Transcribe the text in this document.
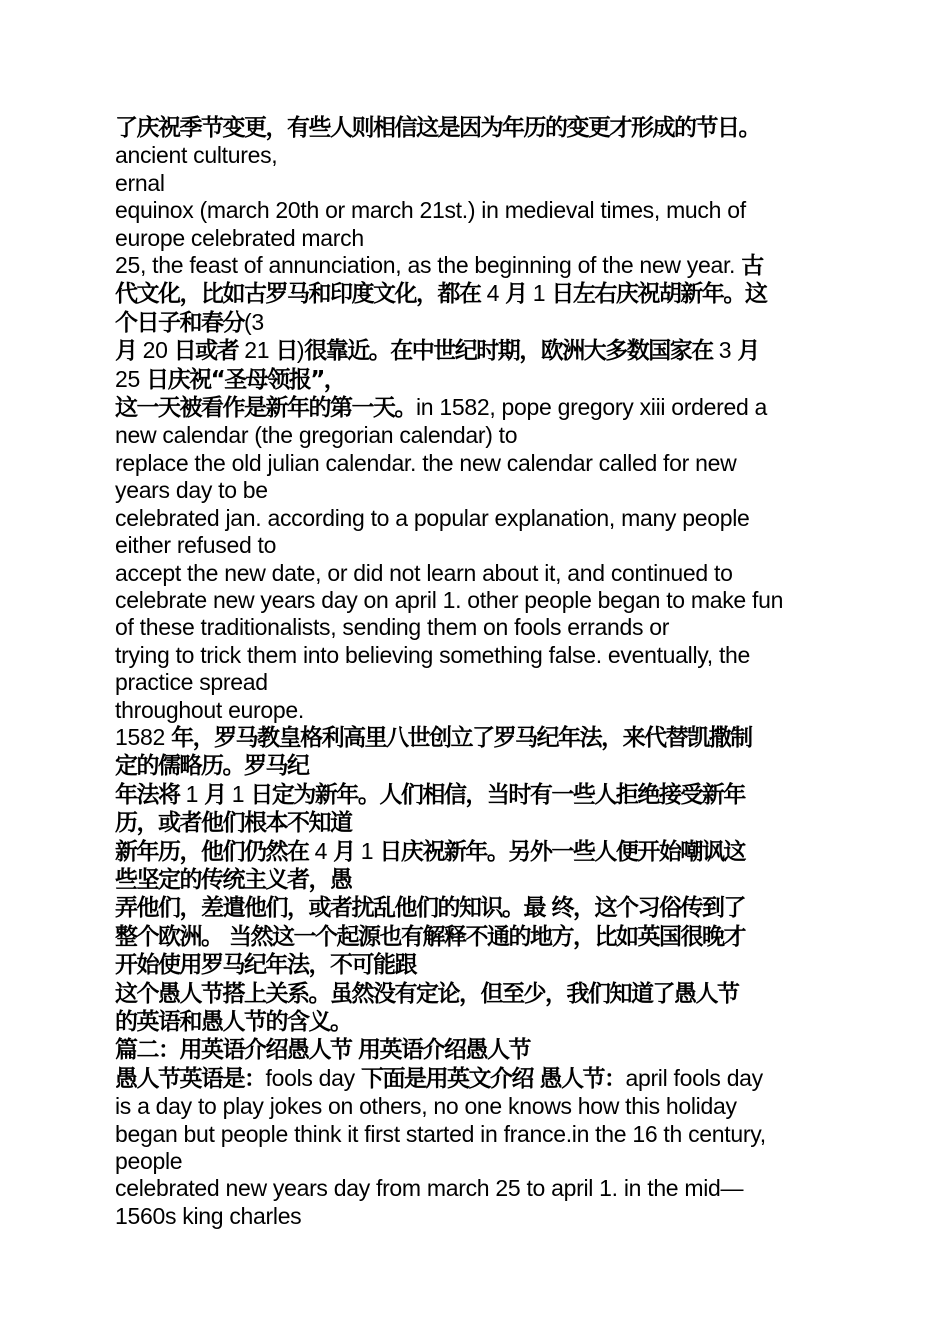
了庆祝季节变更，有些人则相信这是因为年历的变更才形成的节日。
ancient cultures,
ernal
equinox (march 20th or march 21st.) in medieval times, much of
europe celebrated march
25, the feast of annunciation, as the beginning of the new year. 古
代文化，比如古罗马和印度文化，都在 4 月 1 日左右庆祝胡新年。这
个日子和春分(3
月 20 日或者 21 日)很靠近。在中世纪时期，欧洲大多数国家在 3 月
25 日庆祝“圣母领报”，
这一天被看作是新年的第一天。in 1582, pope gregory xiii ordered a
new calendar (the gregorian calendar) to
replace the old julian calendar. the new calendar called for new
years day to be
celebrated jan. according to a popular explanation, many people
either refused to
accept the new date, or did not learn about it, and continued to
celebrate new years day on april 1. other people began to make fun
of these traditionalists, sending them on fools errands or
trying to trick them into believing something false. eventually, the
practice spread
throughout europe.
1582 年，罗马教皇格利高里八世创立了罗马纪年法，来代替凯撒制
定的儒略历。罗马纪
年法将 1 月 1 日定为新年。人们相信，当时有一些人拒绝接受新年
历，或者他们根本不知道
新年历，他们仍然在 4 月 1 日庆祝新年。另外一些人便开始嘲讽这
些坚定的传统主义者，愚
弄他们，差遣他们，或者扰乱他们的知识。最 终，这个习俗传到了
整个欧洲。 当然这一个起源也有解释不通的地方，比如英国很晚才
开始使用罗马纪年法，不可能跟
这个愚人节搭上关系。虽然没有定论，但至少，我们知道了愚人节
的英语和愚人节的含义。
篇二：用英语介绍愚人节 用英语介绍愚人节
愚人节英语是：fools day 下面是用英文介绍 愚人节：april fools day
is a day to play jokes on others, no one knows how this holiday
began but people think it first started in france.in the 16 th century,
people
celebrated new years day from march 25 to april 1. in the mid—
1560s king charles
